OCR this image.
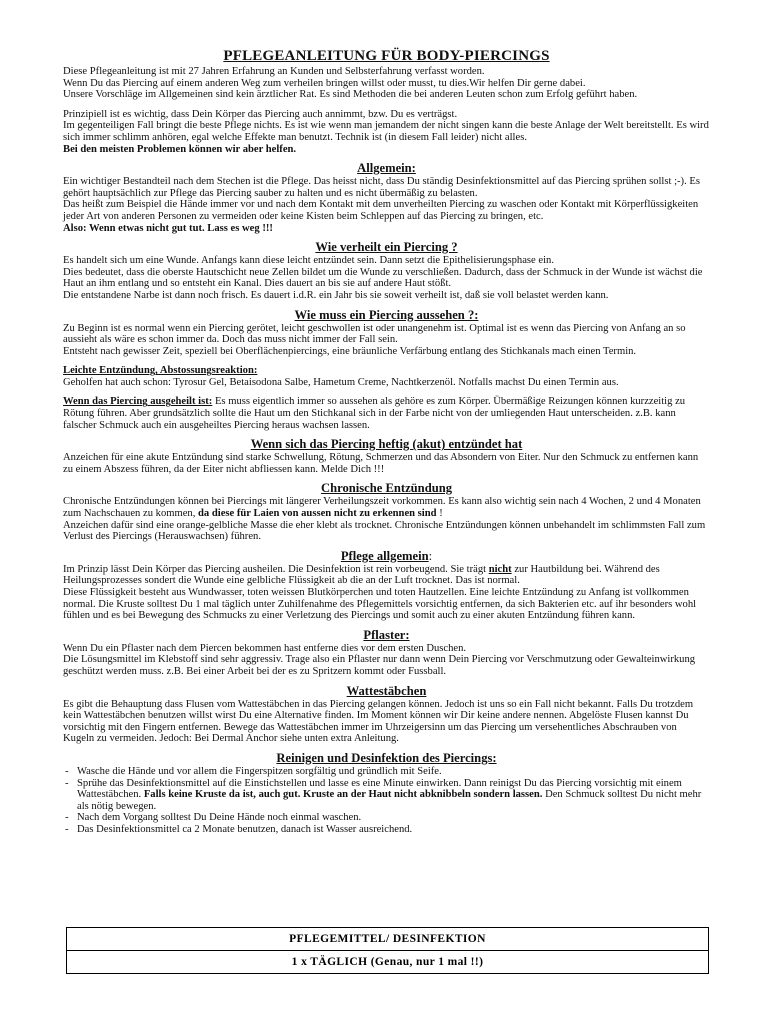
PFLEGEANLEITUNG FÜR BODY-PIERCINGS

Diese Pflegeanleitung ist mit 27 Jahren Erfahrung an Kunden und Selbsterfahrung verfasst worden.

Wenn Du das Piercing auf einem anderen Weg zum verheilen bringen willst oder musst, tu dies.Wir helfen Dir gerne dabei.

Unsere Vorschläge im Allgemeinen sind kein ärztlicher Rat. Es sind Methoden die bei anderen Leuten schon zum Erfolg geführt haben.

Prinzipiell ist es wichtig, dass Dein Körper das Piercing auch annimmt, bzw. Du es verträgst.

Im gegenteiligen Fall bringt die beste Pflege nichts. Es ist wie wenn man jemandem der nicht singen kann die beste Anlage der Welt bereitstellt. Es wird sich immer schlimm anhören, egal welche Effekte man benutzt. Technik ist (in diesem Fall leider) nicht alles.

Bei den meisten Problemen können wir aber helfen.

Allgemein:

Ein wichtiger Bestandteil nach dem Stechen ist die Pflege. Das heisst nicht, dass Du ständig Desinfektionsmittel auf das Piercing sprühen sollst ;-). Es gehört hauptsächlich zur Pflege das Piercing sauber zu halten und es nicht übermäßig zu belasten.

Das heißt zum Beispiel die Hände immer vor und nach dem Kontakt mit dem unverheilten Piercing zu waschen oder Kontakt mit Körperflüssigkeiten jeder Art von anderen Personen zu vermeiden oder keine Kisten beim Schleppen auf das Piercing zu bringen, etc.

Also: Wenn etwas nicht gut tut. Lass es weg !!!

Wie verheilt ein Piercing ?

Es handelt sich um eine Wunde. Anfangs kann diese leicht entzündet sein. Dann setzt die Epithelisierungsphase ein.

Dies bedeutet, dass die oberste Hautschicht neue Zellen bildet um die Wunde zu verschließen. Dadurch, dass der Schmuck in der Wunde ist wächst die Haut an ihm entlang und so entsteht ein Kanal. Dies dauert an bis sie auf andere Haut stößt.

Die entstandene Narbe ist dann noch frisch. Es dauert i.d.R. ein Jahr bis sie soweit verheilt ist, daß sie voll belastet werden kann.

Wie muss ein Piercing aussehen ?:

Zu Beginn ist es normal wenn ein Piercing gerötet, leicht geschwollen ist oder unangenehm ist. Optimal ist es wenn das Piercing von Anfang an so aussieht als wäre es schon immer da. Doch das muss nicht immer der Fall sein.

Entsteht nach gewisser Zeit, speziell bei Oberflächenpiercings, eine bräunliche Verfärbung entlang des Stichkanals mach einen Termin.

Leichte Entzündung, Abstossungsreaktion:

Geholfen hat auch schon: Tyrosur Gel, Betaisodona Salbe, Hametum Creme, Nachtkerzenöl. Notfalls machst Du einen Termin aus.

Wenn das Piercing ausgeheilt ist: Es muss eigentlich immer so aussehen als gehöre es zum Körper. Übermäßige Reizungen können kurzzeitig zu Rötung führen. Aber grundsätzlich sollte die Haut um den Stichkanal sich in der Farbe nicht von der umliegenden Haut unterscheiden. z.B. kann falscher Schmuck auch ein ausgeheiltes Piercing heraus wachsen lassen.

Wenn sich das Piercing heftig (akut) entzündet hat

Anzeichen für eine akute Entzündung sind starke Schwellung, Rötung, Schmerzen und das Absondern von Eiter. Nur den Schmuck zu entfernen kann zu einem Abszess führen, da der Eiter nicht abfliessen kann. Melde Dich !!!

Chronische Entzündung

Chronische Entzündungen können bei Piercings mit längerer Verheilungszeit vorkommen. Es kann also wichtig sein nach 4 Wochen, 2 und 4 Monaten zum Nachschauen zu kommen, da diese für Laien von aussen nicht zu erkennen sind !

Anzeichen dafür sind eine orange-gelbliche Masse die eher klebt als trocknet. Chronische Entzündungen können unbehandelt im schlimmsten Fall zum Verlust des Piercings (Herauswachsen) führen.

Pflege allgemein:

Im Prinzip lässt Dein Körper das Piercing ausheilen. Die Desinfektion ist rein vorbeugend. Sie trägt nicht zur Hautbildung bei. Während des Heilungsprozesses sondert die Wunde eine gelbliche Flüssigkeit ab die an der Luft trocknet. Das ist normal.

Diese Flüssigkeit besteht aus Wundwasser, toten weissen Blutkörperchen und toten Hautzellen. Eine leichte Entzündung zu Anfang ist vollkommen normal. Die Kruste solltest Du 1 mal täglich unter Zuhilfenahme des Pflegemittels vorsichtig entfernen, da sich Bakterien etc. auf ihr besonders wohl fühlen und es bei Bewegung des Schmucks zu einer Verletzung des Piercings und somit auch zu einer akuten Entzündung führen kann.

Pflaster:

Wenn Du ein Pflaster nach dem Piercen bekommen hast entferne dies vor dem ersten Duschen.

Die Lösungsmittel im Klebstoff sind sehr aggressiv. Trage also ein Pflaster nur dann wenn Dein Piercing vor Verschmutzung oder Gewalteinwirkung geschützt werden muss. z.B. Bei einer Arbeit bei der es zu Spritzern kommt oder Fussball.

Wattestäbchen

Es gibt die Behauptung dass Flusen vom Wattestäbchen in das Piercing gelangen können. Jedoch ist uns so ein Fall nicht bekannt. Falls Du trotzdem kein Wattestäbchen benutzen willst wirst Du eine Alternative finden. Im Moment können wir Dir keine andere nennen. Abgelöste Flusen kannst Du vorsichtig mit den Fingern entfernen. Bewege das Wattestäbchen immer im Uhrzeigersinn um das Piercing um versehentliches Abschrauben von Kugeln zu vermeiden. Jedoch: Bei Dermal Anchor siehe unten extra Anleitung.

Reinigen und Desinfektion des Piercings:
- Wasche die Hände und vor allem die Fingerspitzen sorgfältig und gründlich mit Seife.
- Sprühe das Desinfektionsmittel auf die Einstichstellen und lasse es eine Minute einwirken. Dann reinigst Du das Piercing vorsichtig mit einem Wattestäbchen. Falls keine Kruste da ist, auch gut. Kruste an der Haut nicht abknibbeln sondern lassen. Den Schmuck solltest Du nicht mehr als nötig bewegen.
- Nach dem Vorgang solltest Du Deine Hände noch einmal waschen.
- Das Desinfektionsmittel ca 2 Monate benutzen, danach ist Wasser ausreichend.
PFLEGEMITTEL/ DESINFEKTION
1 x TÄGLICH (Genau, nur 1 mal !!)
